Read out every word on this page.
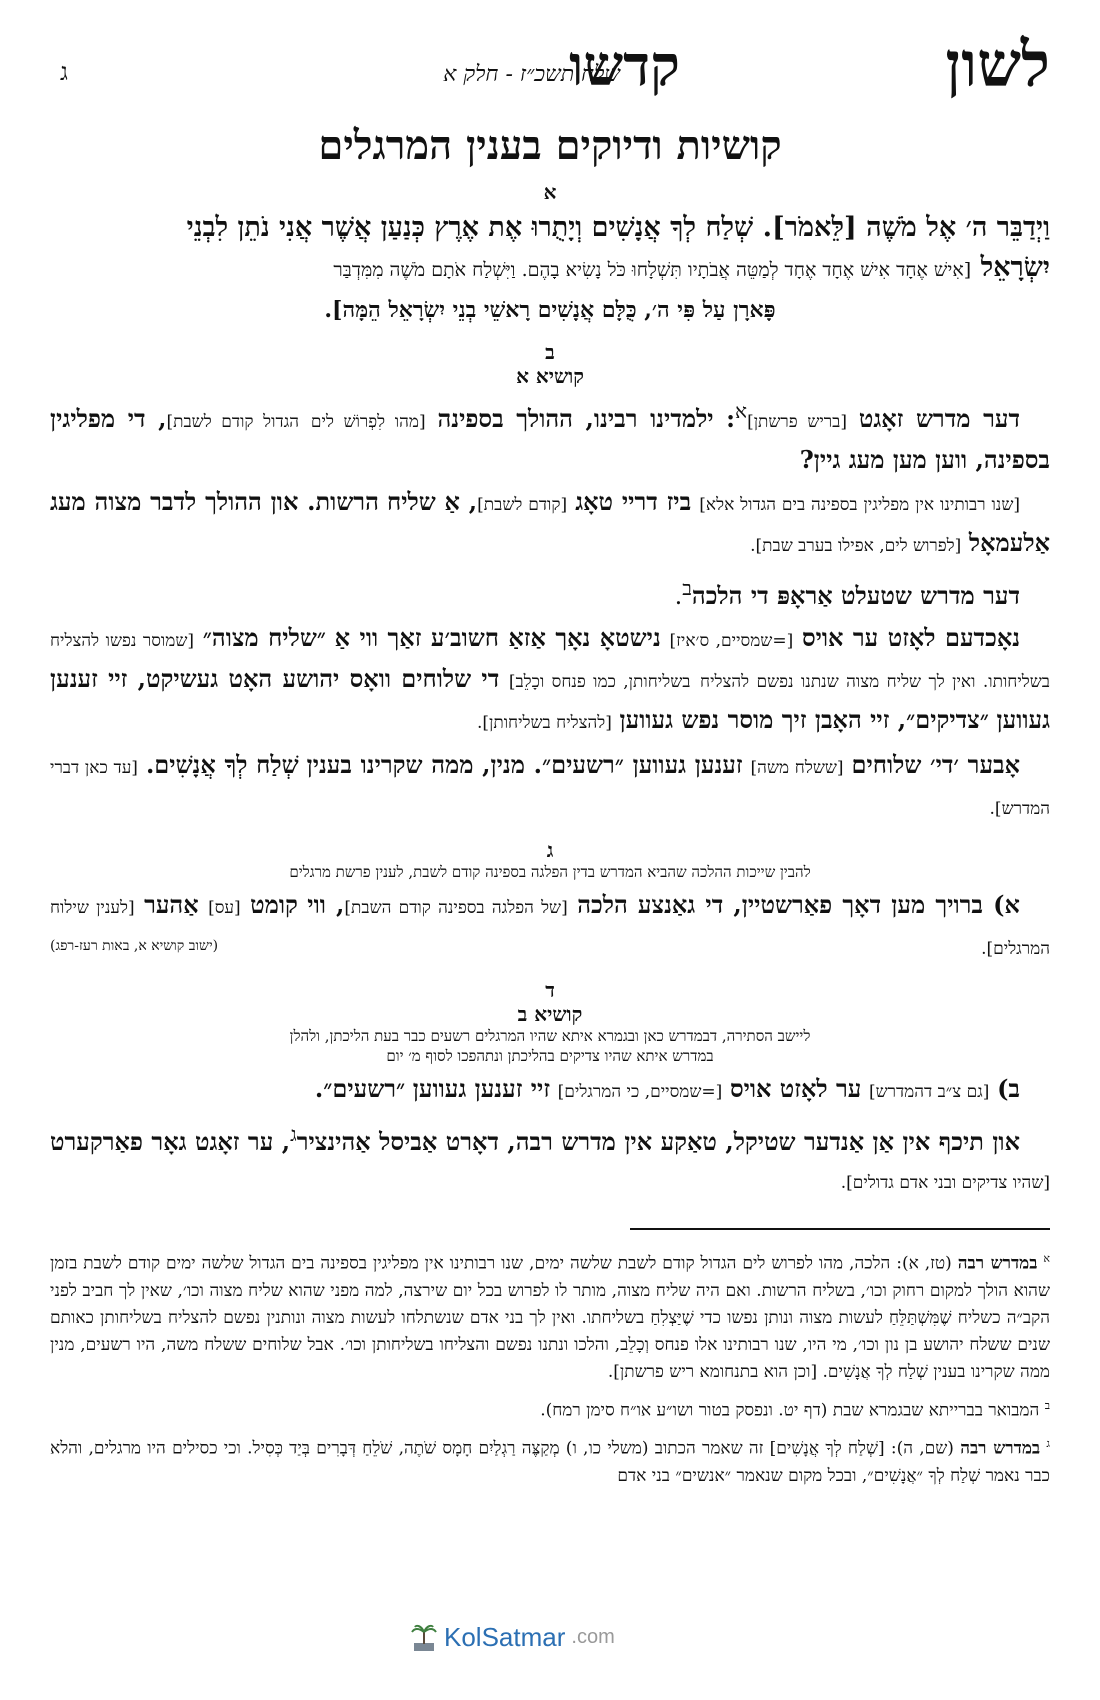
לשון
קדשו
שלח תשכ״ז - חלק א
ג
קושיות ודיוקים בענין המרגלים
א
וַיְדַבֵּר ה׳ אֶל מֹשֶׁה [לֵּאמֹר]. שְׁלַח לְךָ אֲנָשִׁים וְיָתֻרוּ אֶת אֶרֶץ כְּנַעַן אֲשֶׁר אֲנִי נֹתֵן לִבְנֵי
יִשְׂרָאֵל [אִישׁ אֶחָד אִישׁ אֶחָד אֶחָד לְמַטֵּה אֲבֹתָיו תִּשְׁלָחוּ כֹּל נָשִׂיא בָהֶם. וַיִּשְׁלַח אֹתָם מֹשֶׁה מִמִּדְבַּר
פָּארָן עַל פִּי ה׳, כֻּלָּם אֲנָשִׁים רָאשֵׁי בְנֵי יִשְׂרָאֵל הֵמָּה].
ב
קושיא א
דער מדרש זאָגט [בריש פרשתן]$^א$: ילמדינו רבינו, ההולך בספינה [מהו לִפְרוֹשׁ לים הגדול קודם לשבת], די מפליגין בספינה, ווען מען מעג גיין?
[שנו רבותינו אין מפליגין בספינה בים הגדול אלא] ביז דריי טאָג [קודם לשבת], אַ שליח הרשות. און ההולך לדבר מצוה מעג אַלעמאָל [לפרוש לים, אפילו בערב שבת].
דער מדרש שטעלט אַראָפּ די הלכה$^ב$.
נאָכדעם לאָזט ער אויס [=שמסיים, ס׳איז] נישטאָ נאָך אַזאַ חשוב׳ע זאַך ווי אַ ״שליח מצוה״ [שמוסר נפשו להצליח בשליחותו. ואין לך שליח מצוה שנתנו נפשם להצליח בשליחותן, כמו פנחס וכָלֵב] די שלוחים וואָס יהושע האָט געשיקט, זיי זענען געווען ״צדיקים״, זיי האָבן זיך מוסר נפש געווען [להצליח בשליחותן].
אָבער ׳די׳ שלוחים [ששלח משה] זענען געווען ״רשעים״. מנין, ממה שקרינו בענין שְׁלַח לְךָ אֲנָשִׁים. [עד כאן דברי המדרש].
ג
להבין שייכות ההלכה שהביא המדרש בדין הפלגה בספינה קודם לשבת, לענין פרשת מרגלים
א) ברויך מען דאָך פאַרשטיין, די גאַנצע הלכה [של הפלגה בספינה קודם השבת], ווי קומט [עס] אַהער [לענין שילוח המרגלים].
(ישוב קושיא א, באות רעז-רפג)
ד
קושיא ב
ליישב הסתירה, דבמדרש כאן ובגמרא איתא שהיו המרגלים רשעים כבר בעת הליכתן, ולהלן במדרש איתא שהיו צדיקים בהליכתן ונתהפכו לסוף מ׳ יום
ב) [גם צ״ב דהמדרש] ער לאָזט אויס [=שמסיים, כי המרגלים] זיי זענען געווען ״רשעים״.
און תיכף אין אַן אַנדער שטיקל, טאַקע אין מדרש רבה, דאָרט אַביסל אַהינציר$^ג$, ער זאָגט גאָר פאַרקערט [שהיו צדיקים ובני אדם גדולים].
$^א$ במדרש רבה (טז, א): הלכה, מהו לפרוש לים הגדול קודם לשבת שלשה ימים, שנו רבותינו אין מפליגין בספינה בים הגדול שלשה ימים קודם לשבת בזמן שהוא הולך למקום רחוק וכו׳, בשליח הרשות. ואם היה שליח מצוה, מותר לו לפרוש בכל יום שירצה, למה מפני שהוא שליח מצוה וכו׳, שאין לך חביב לפני הקב״ה כשליח שֶׁמִּשְׁתַּלֵּחַ לעשות מצוה ונותן נפשו כדי שֶׁיַּצְלִחַ בשליחתו. ואין לך בני אדם שנשתלחו לעשות מצוה ונותנין נפשם להצליח בשליחותן כאותם שנים ששלח יהושע בן נון וכו׳, מי היו, שנו רבותינו אלו פנחס וְכָלֵב, והלכו ונתנו נפשם והצליחו בשליחותן וכו׳. אבל שלוחים ששלח משה, היו רשעים, מנין ממה שקרינו בענין שְׁלַח לְךָ אֲנָשִׁים. [וכן הוא בתנחומא ריש פרשתן].
$^ב$ המבואר בברייתא שבגמרא שבת (דף יט. ונפסק בטור ושו״ע או״ח סימן רמח).
$^ג$ במדרש רבה (שם, ה): [שְׁלַח לְךָ אֲנָשִׁים] זה שאמר הכתוב (משלי כו, ו) מְקַצֶּה רַגְלַיִם חָמָס שֹׁתֶה, שֹׁלֵחַ דְּבָרִים בְּיַד כְּסִיל. וכי כסילים היו מרגלים, והלא כבר נאמר שְׁלַח לְךָ ״אֲנָשִׁים״, ובכל מקום שנאמר ״אנשים״ בני אדם
KolSatmar .com
